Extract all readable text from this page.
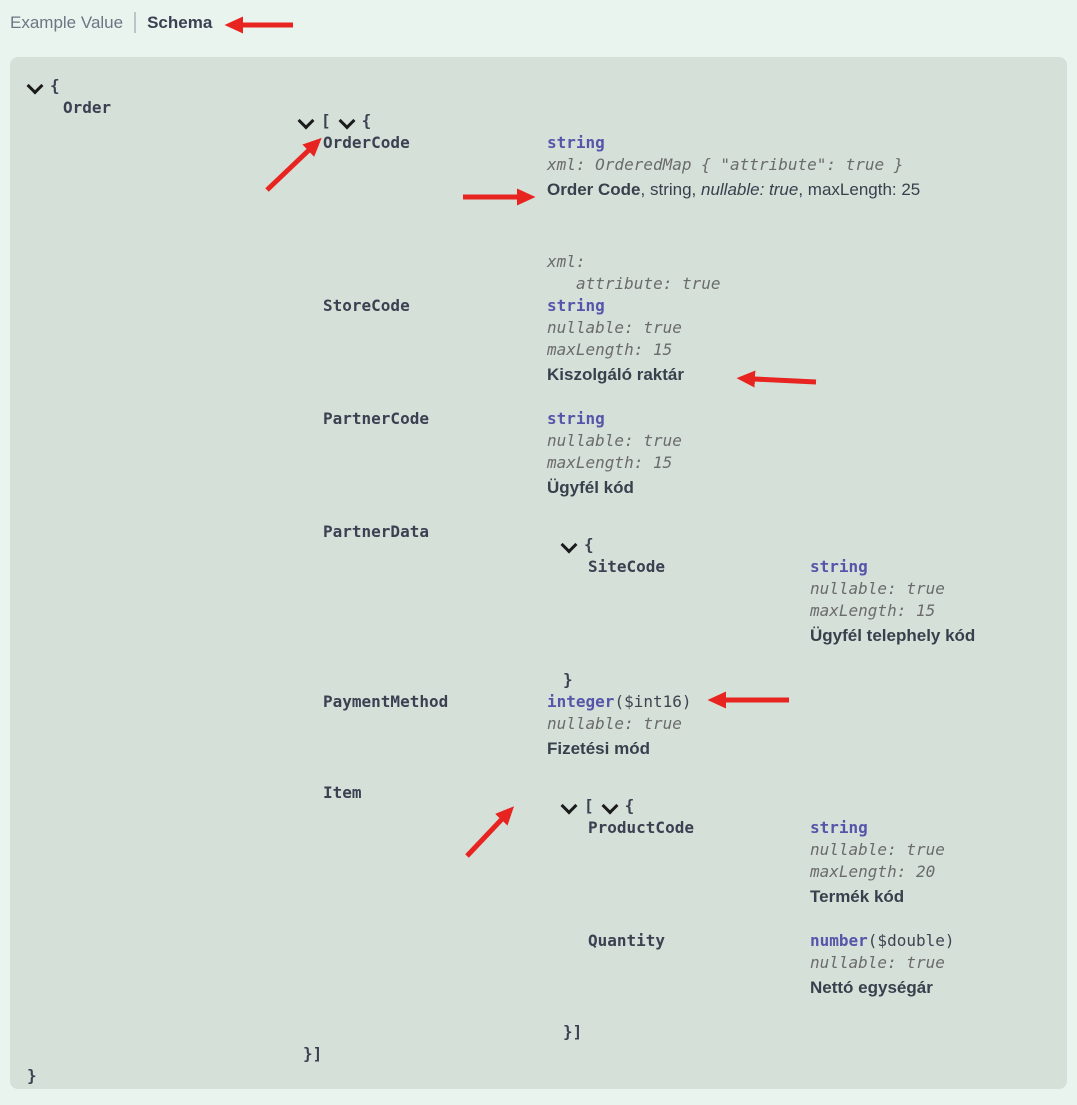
Example Value Schema
{
Order
[ {
OrderCode	string
xml: OrderedMap { "attribute": true }
Order Code, string, nullable: true, maxLength: 25
StoreCode
xml:
attribute: true
string
nullable: true
maxLength: 15
Kiszolgáló raktár
PartnerCode	string
nullable: true
maxLength: 15
Ügyfél kód
PartnerData
{
SiteCode	string
nullable: true
maxLength: 15
Ügyfél telephely kód
}
PaymentMethod	integer($int16)
nullable: true
Fizetési mód
Item
[ {
ProductCode	string
nullable: true
maxLength: 20
Termék kód
Quantity	number($double)
nullable: true
Nettó egységár
}]
}]
}
